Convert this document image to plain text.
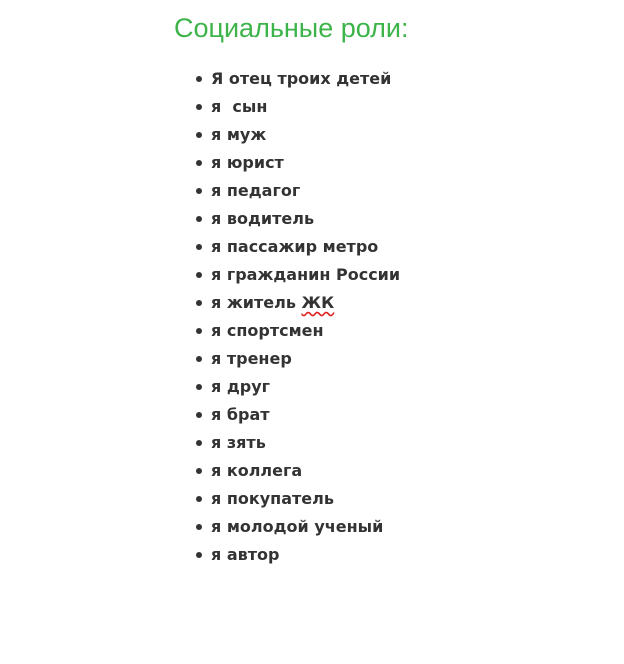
Социальные роли:
Я отец троих детей
я  сын
я муж
я юрист
я педагог
я водитель
я пассажир метро
я гражданин России
я житель ЖК
я спортсмен
я тренер
я друг
я брат
я зять
я коллега
я покупатель
я молодой ученый
я автор
